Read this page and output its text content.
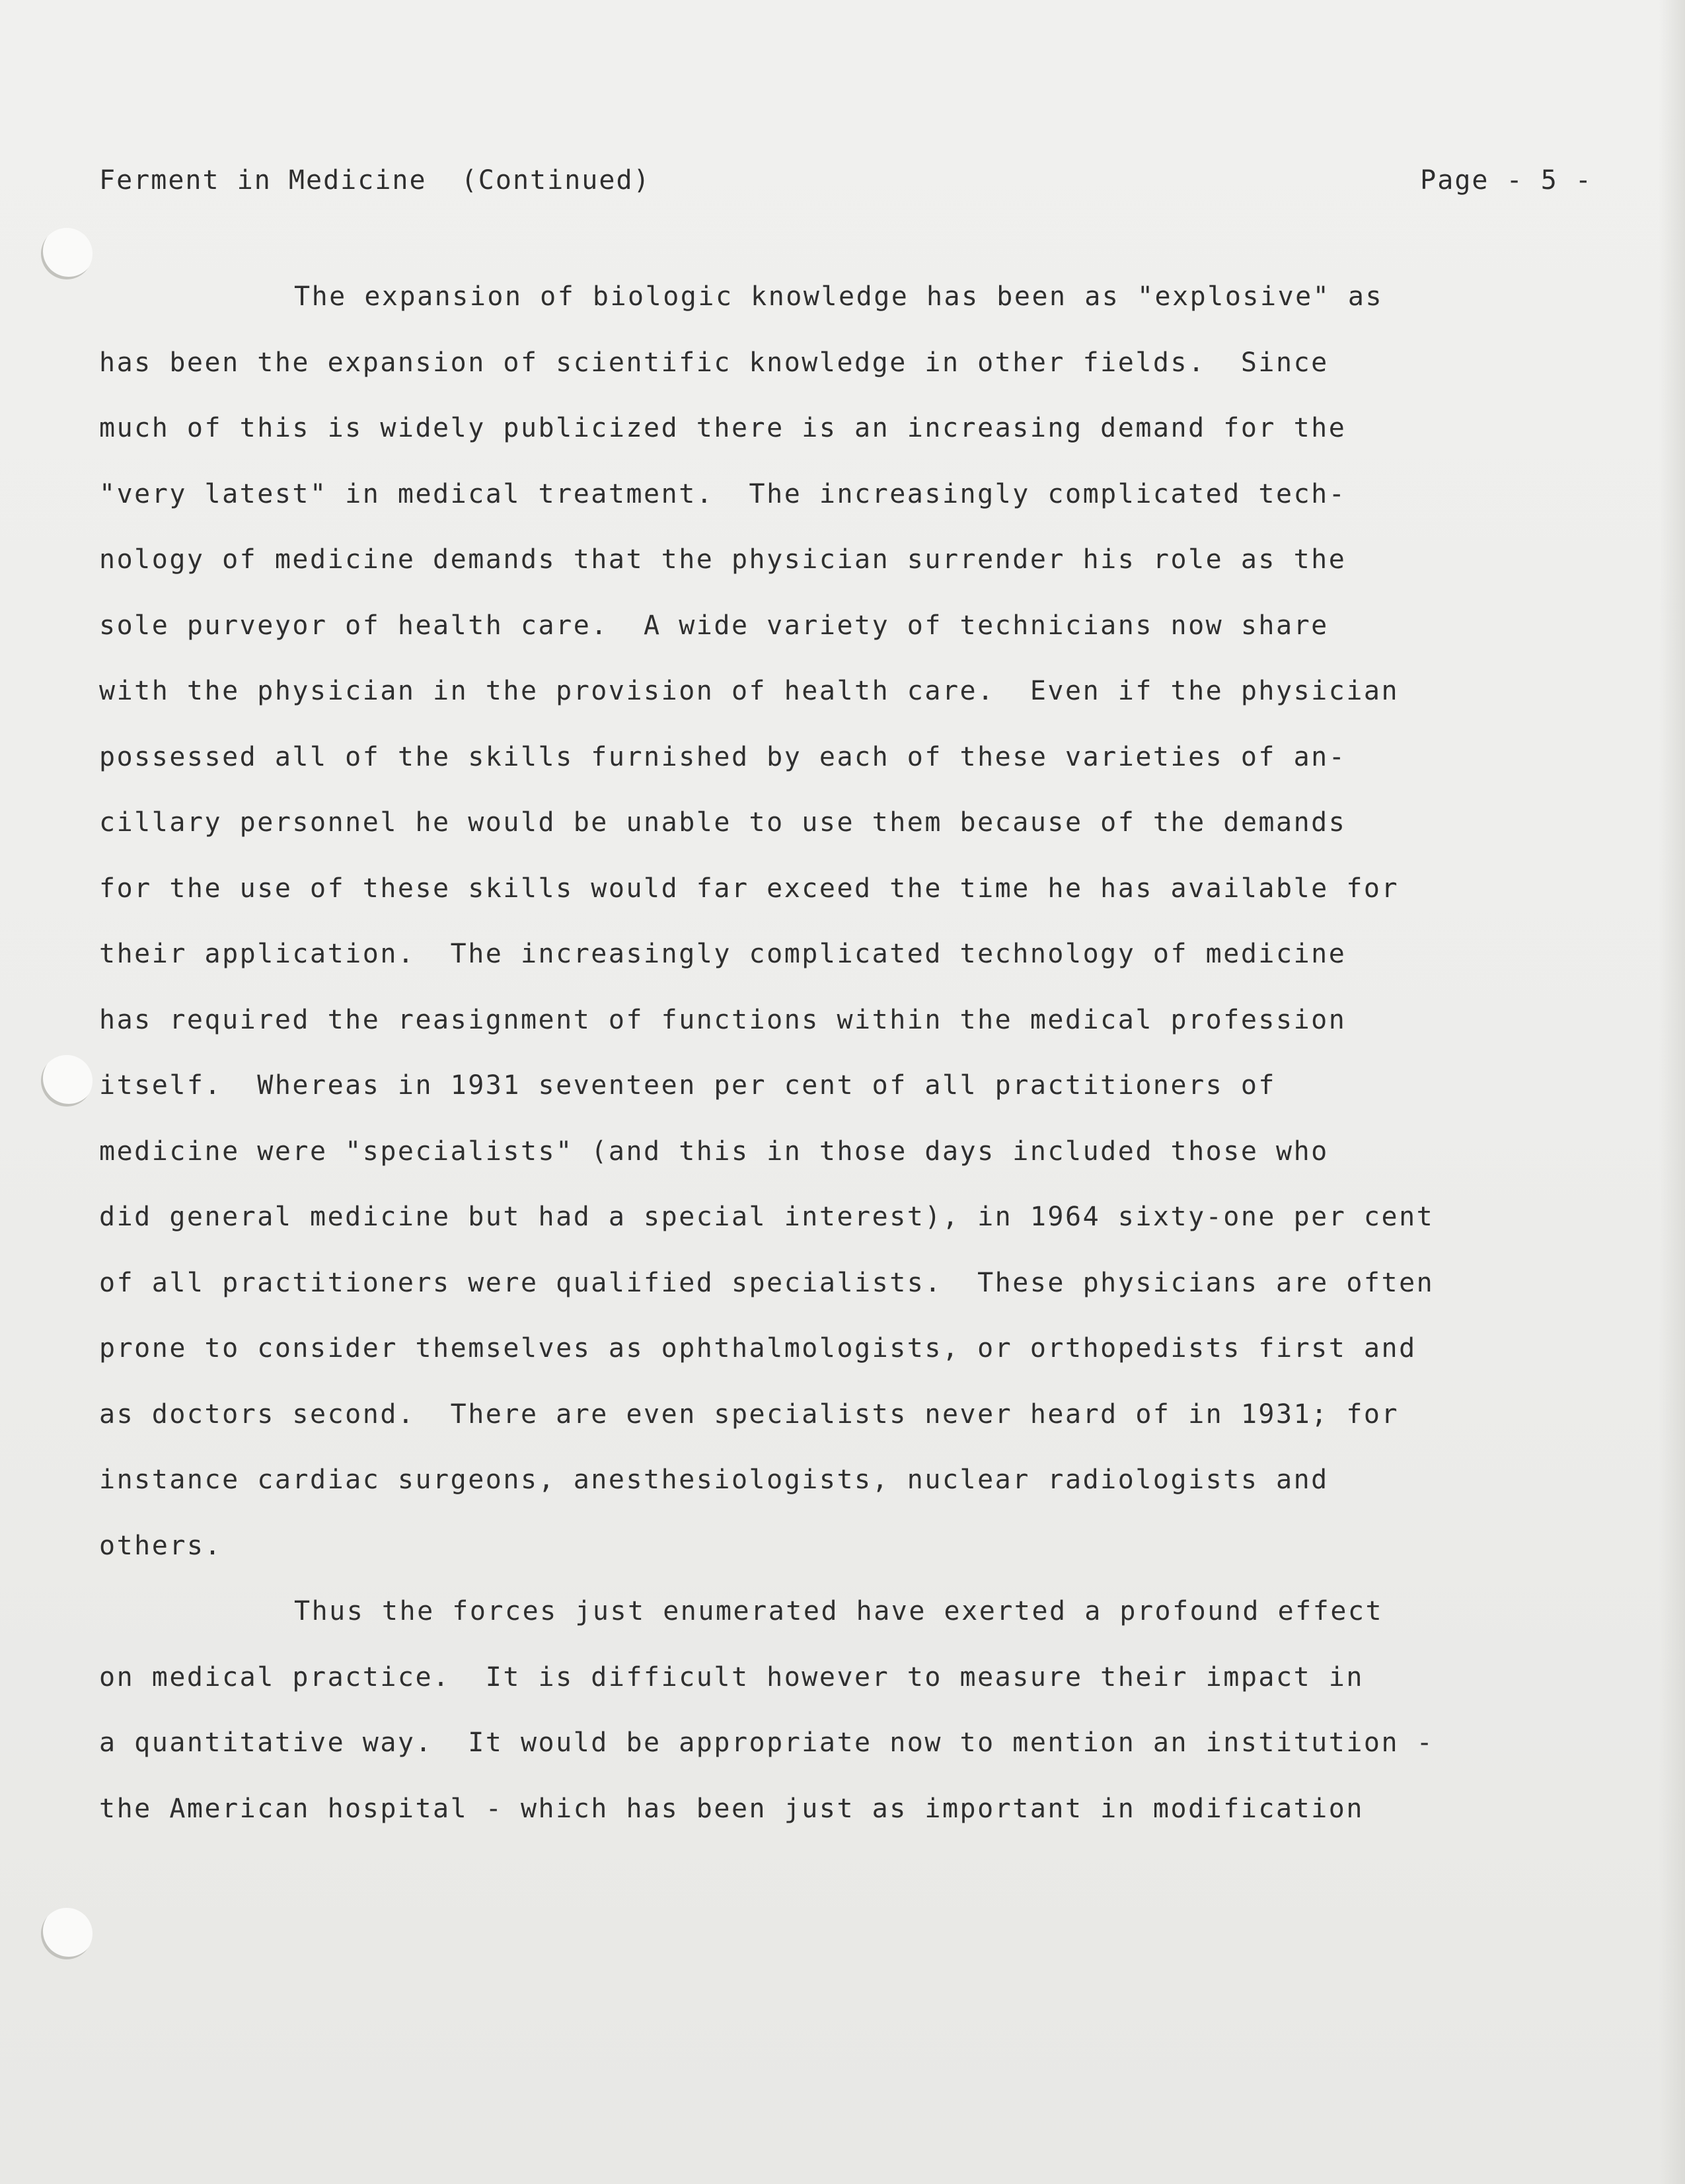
Ferment in Medicine  (Continued)	Page - 5 -
The expansion of biologic knowledge has been as "explosive" as
has been the expansion of scientific knowledge in other fields.  Since
much of this is widely publicized there is an increasing demand for the
"very latest" in medical treatment.  The increasingly complicated tech-
nology of medicine demands that the physician surrender his role as the
sole purveyor of health care.  A wide variety of technicians now share
with the physician in the provision of health care.  Even if the physician
possessed all of the skills furnished by each of these varieties of an-
cillary personnel he would be unable to use them because of the demands
for the use of these skills would far exceed the time he has available for
their application.  The increasingly complicated technology of medicine
has required the reasignment of functions within the medical profession
itself.  Whereas in 1931 seventeen per cent of all practitioners of
medicine were "specialists" (and this in those days included those who
did general medicine but had a special interest), in 1964 sixty-one per cent
of all practitioners were qualified specialists.  These physicians are often
prone to consider themselves as ophthalmologists, or orthopedists first and
as doctors second.  There are even specialists never heard of in 1931; for
instance cardiac surgeons, anesthesiologists, nuclear radiologists and
others.
Thus the forces just enumerated have exerted a profound effect
on medical practice.  It is difficult however to measure their impact in
a quantitative way.  It would be appropriate now to mention an institution -
the American hospital - which has been just as important in modification
